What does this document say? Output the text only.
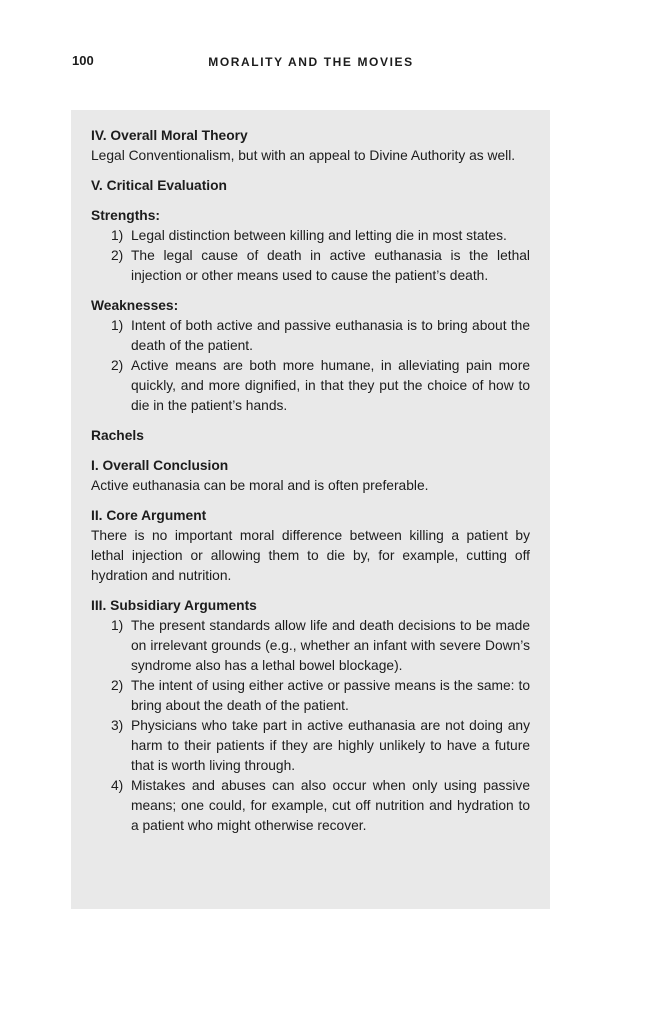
100	MORALITY AND THE MOVIES

IV. Overall Moral Theory

Legal Conventionalism, but with an appeal to Divine Authority as well.

V. Critical Evaluation

Strengths:

1) Legal distinction between killing and letting die in most states.
2) The legal cause of death in active euthanasia is the lethal injection or other means used to cause the patient’s death.

Weaknesses:

1) Intent of both active and passive euthanasia is to bring about the death of the patient.
2) Active means are both more humane, in alleviating pain more quickly, and more dignified, in that they put the choice of how to die in the patient’s hands.

Rachels

I. Overall Conclusion

Active euthanasia can be moral and is often preferable.

II. Core Argument

There is no important moral difference between killing a patient by lethal injection or allowing them to die by, for example, cutting off hydration and nutrition.

III. Subsidiary Arguments

1) The present standards allow life and death decisions to be made on irrelevant grounds (e.g., whether an infant with severe Down’s syndrome also has a lethal bowel blockage).
2) The intent of using either active or passive means is the same: to bring about the death of the patient.
3) Physicians who take part in active euthanasia are not doing any harm to their patients if they are highly unlikely to have a future that is worth living through.
4) Mistakes and abuses can also occur when only using passive means; one could, for example, cut off nutrition and hydration to a patient who might otherwise recover.
